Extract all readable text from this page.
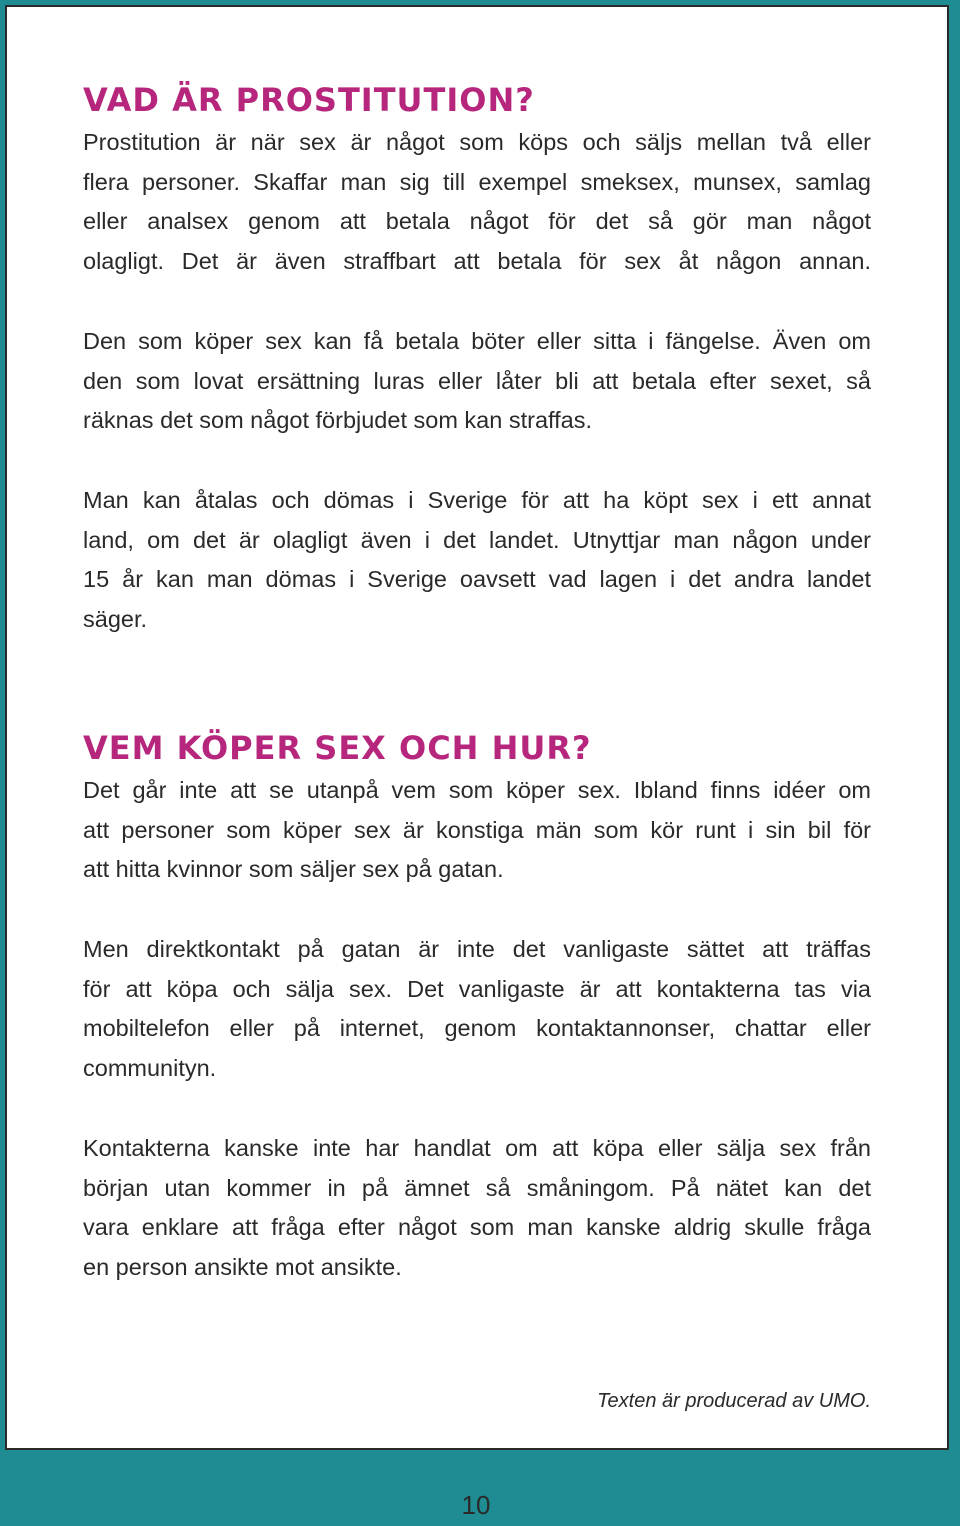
VAD ÄR PROSTITUTION?

Prostitution är när sex är något som köps och säljs mellan två eller
flera personer. Skaffar man sig till exempel smeksex, munsex, samlag
eller analsex genom att betala något för det så gör man något
olagligt. Det är även straffbart att betala för sex åt någon annan.

Den som köper sex kan få betala böter eller sitta i fängelse. Även om
den som lovat ersättning luras eller låter bli att betala efter sexet, så
räknas det som något förbjudet som kan straffas.

Man kan åtalas och dömas i Sverige för att ha köpt sex i ett annat
land, om det är olagligt även i det landet. Utnyttjar man någon under
15 år kan man dömas i Sverige oavsett vad lagen i det andra landet
säger.

VEM KÖPER SEX OCH HUR?

Det går inte att se utanpå vem som köper sex. Ibland finns idéer om
att personer som köper sex är konstiga män som kör runt i sin bil för
att hitta kvinnor som säljer sex på gatan.

Men direktkontakt på gatan är inte det vanligaste sättet att träffas
för att köpa och sälja sex. Det vanligaste är att kontakterna tas via
mobiltelefon eller på internet, genom kontaktannonser, chattar eller
communityn.

Kontakterna kanske inte har handlat om att köpa eller sälja sex från
början utan kommer in på ämnet så småningom. På nätet kan det
vara enklare att fråga efter något som man kanske aldrig skulle fråga
en person ansikte mot ansikte.

Texten är producerad av UMO.

10
